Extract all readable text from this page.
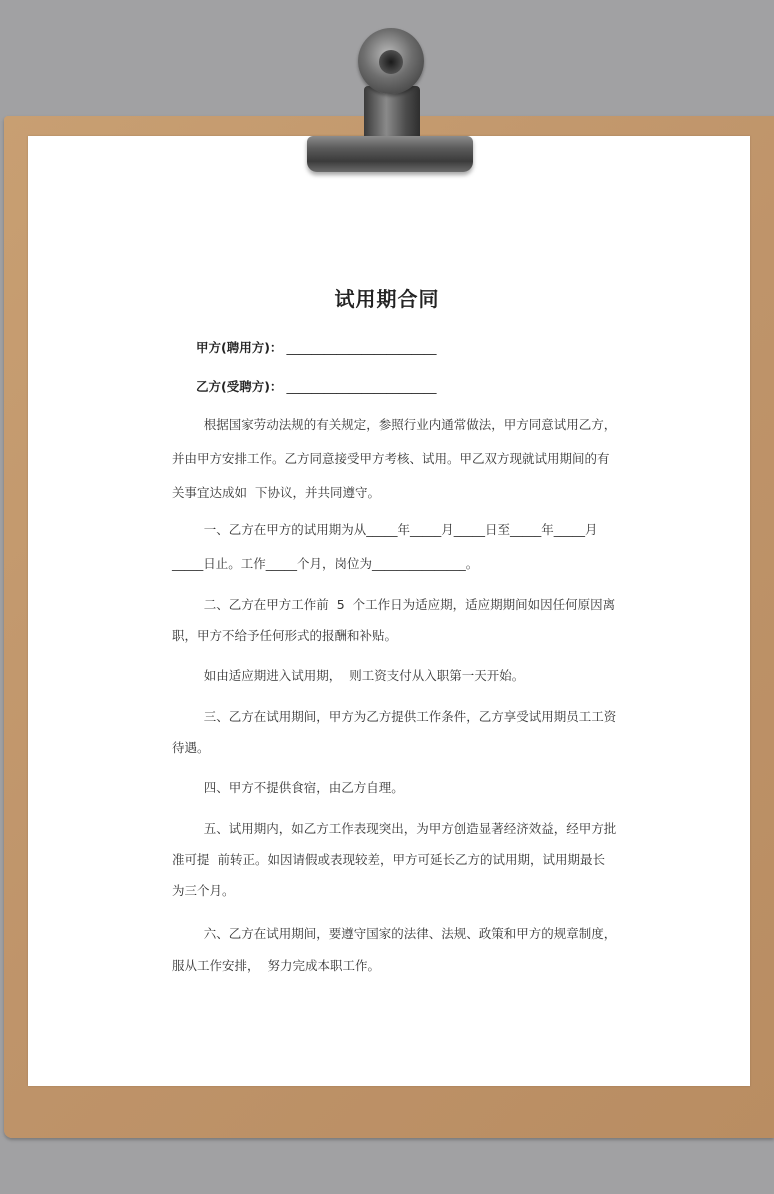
试用期合同
甲方(聘用方)： ________________________
乙方(受聘方)： ________________________
根据国家劳动法规的有关规定，参照行业内通常做法，甲方同意试用乙方，
并由甲方安排工作。乙方同意接受甲方考核、试用。甲乙双方现就试用期间的有
关事宜达成如  下协议，并共同遵守。
一、乙方在甲方的试用期为从_____年_____月_____日至_____年_____月
_____日止。工作_____个月，岗位为_______________。
二、乙方在甲方工作前  5  个工作日为适应期，适应期期间如因任何原因离
职，甲方不给予任何形式的报酬和补贴。
如由适应期进入试用期，  则工资支付从入职第一天开始。
三、乙方在试用期间，甲方为乙方提供工作条件，乙方享受试用期员工工资
待遇。
四、甲方不提供食宿，由乙方自理。
五、试用期内，如乙方工作表现突出，为甲方创造显著经济效益，经甲方批
准可提  前转正。如因请假或表现较差，甲方可延长乙方的试用期，试用期最长
为三个月。
六、乙方在试用期间，要遵守国家的法律、法规、政策和甲方的规章制度，
服从工作安排，  努力完成本职工作。
